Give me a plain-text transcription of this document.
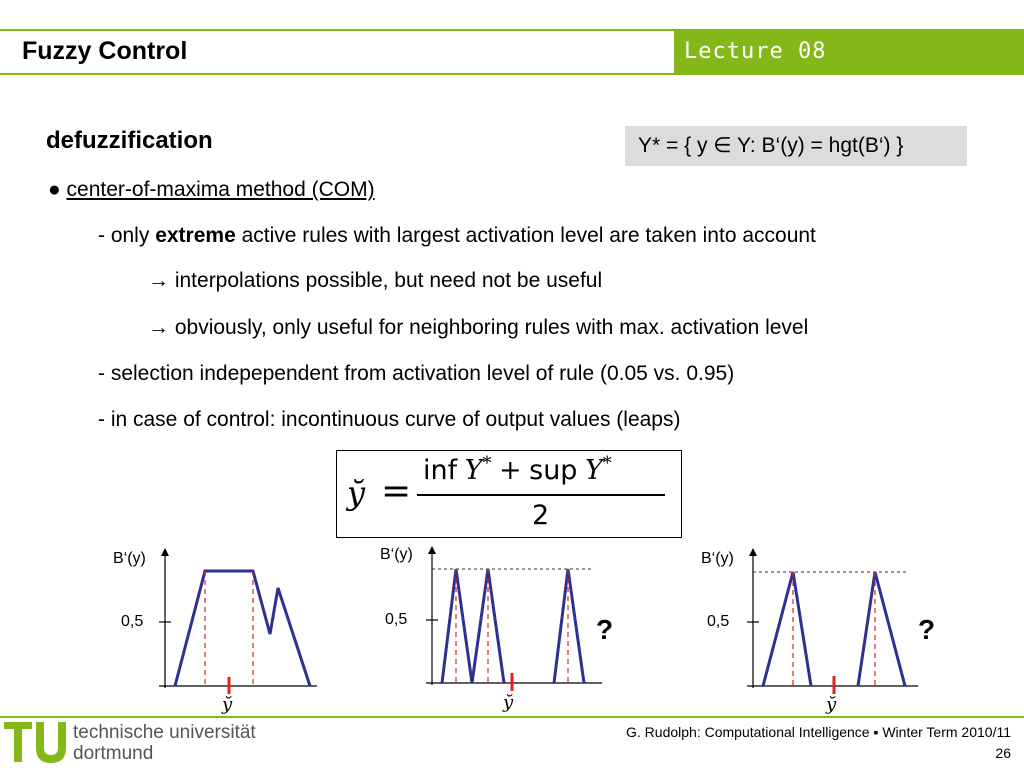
Fuzzy Control	Lecture 08
defuzzification	Y* = { y ∈ Y: B‘(y) = hgt(B‘) }
● center-of-maxima method (COM)
- only extreme active rules with largest activation level are taken into account
→ interpolations possible, but need not be useful
→ obviously, only useful for neighboring rules with max. activation level
- selection indepependent from activation level of rule (0.05 vs. 0.95)
- in case of control: incontinuous curve of output values (leaps)
y̆ =
inf Y* + sup Y*
2
B‘(y)
0,5
y̆
B‘(y)
0,5
y̆
?
B‘(y)
0,5
y̆
?
technische universität
dortmund
G. Rudolph: Computational Intelligence ▪ Winter Term 2010/11
26
